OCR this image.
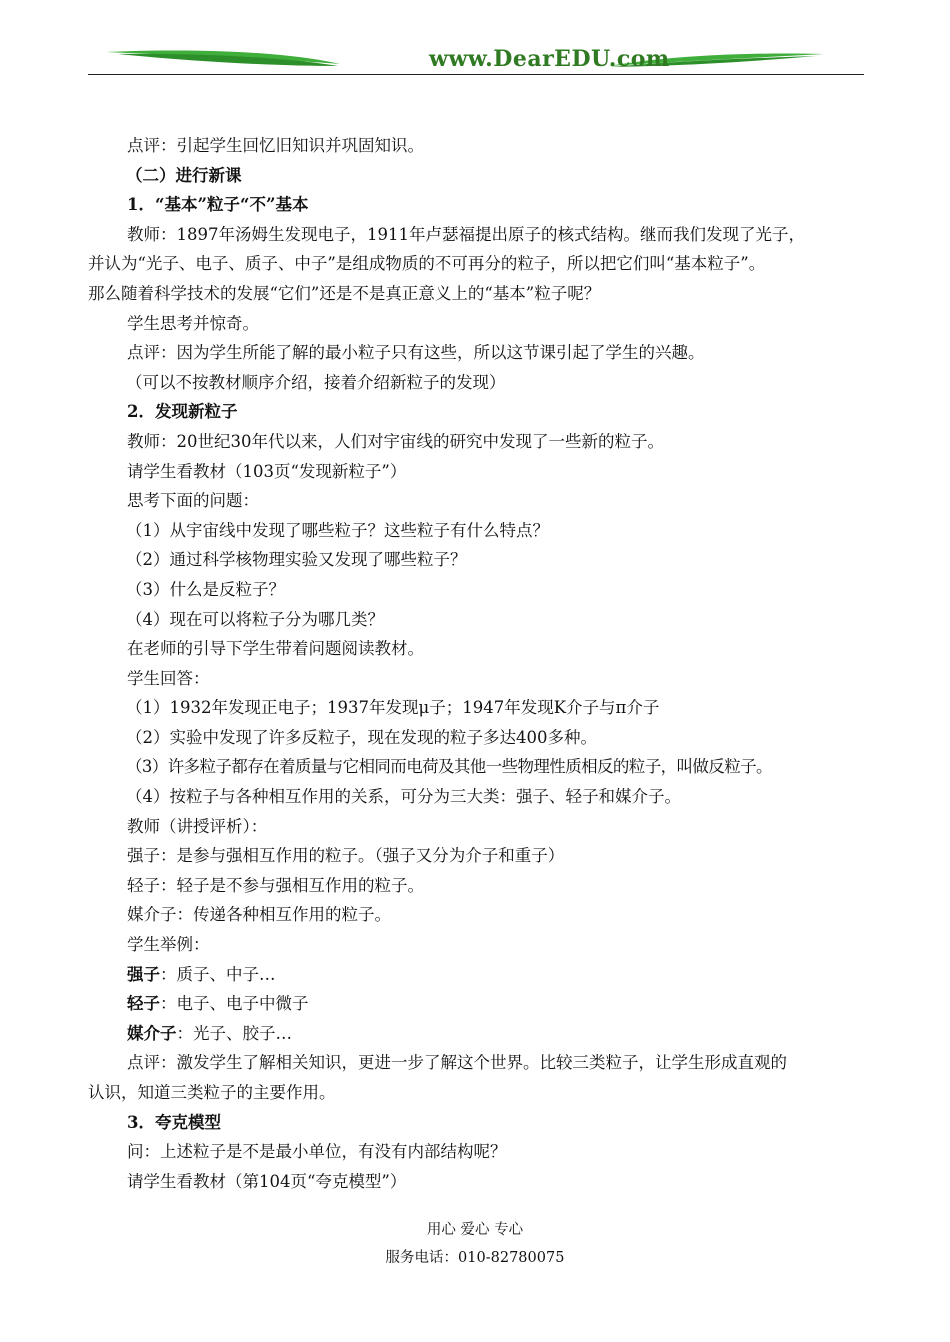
www.DearEDU.com
点评：引起学生回忆旧知识并巩固知识。
（二）进行新课
1．“基本”粒子“不”基本
教师：1897年汤姆生发现电子，1911年卢瑟福提出原子的核式结构。继而我们发现了光子，
并认为“光子、电子、质子、中子”是组成物质的不可再分的粒子，所以把它们叫“基本粒子”。
那么随着科学技术的发展“它们”还是不是真正意义上的“基本”粒子呢？
学生思考并惊奇。
点评：因为学生所能了解的最小粒子只有这些，所以这节课引起了学生的兴趣。
（可以不按教材顺序介绍，接着介绍新粒子的发现）
2．发现新粒子
教师：20世纪30年代以来，人们对宇宙线的研究中发现了一些新的粒子。
请学生看教材（103页“发现新粒子”）
思考下面的问题：
（1）从宇宙线中发现了哪些粒子？这些粒子有什么特点？
（2）通过科学核物理实验又发现了哪些粒子？
（3）什么是反粒子？
（4）现在可以将粒子分为哪几类？
在老师的引导下学生带着问题阅读教材。
学生回答：
（1）1932年发现正电子；1937年发现μ子；1947年发现K介子与π介子
（2）实验中发现了许多反粒子，现在发现的粒子多达400多种。
（3）许多粒子都存在着质量与它相同而电荷及其他一些物理性质相反的粒子，叫做反粒子。
（4）按粒子与各种相互作用的关系，可分为三大类：强子、轻子和媒介子。
教师（讲授评析）：
强子：是参与强相互作用的粒子。（强子又分为介子和重子）
轻子：轻子是不参与强相互作用的粒子。
媒介子：传递各种相互作用的粒子。
学生举例：
强子：质子、中子…
轻子：电子、电子中微子
媒介子：光子、胶子…
点评：激发学生了解相关知识，更进一步了解这个世界。比较三类粒子，让学生形成直观的
认识，知道三类粒子的主要作用。
3．夸克模型
问：上述粒子是不是最小单位，有没有内部结构呢？
请学生看教材（第104页“夸克模型”）
用心 爱心 专心
服务电话：010-82780075
